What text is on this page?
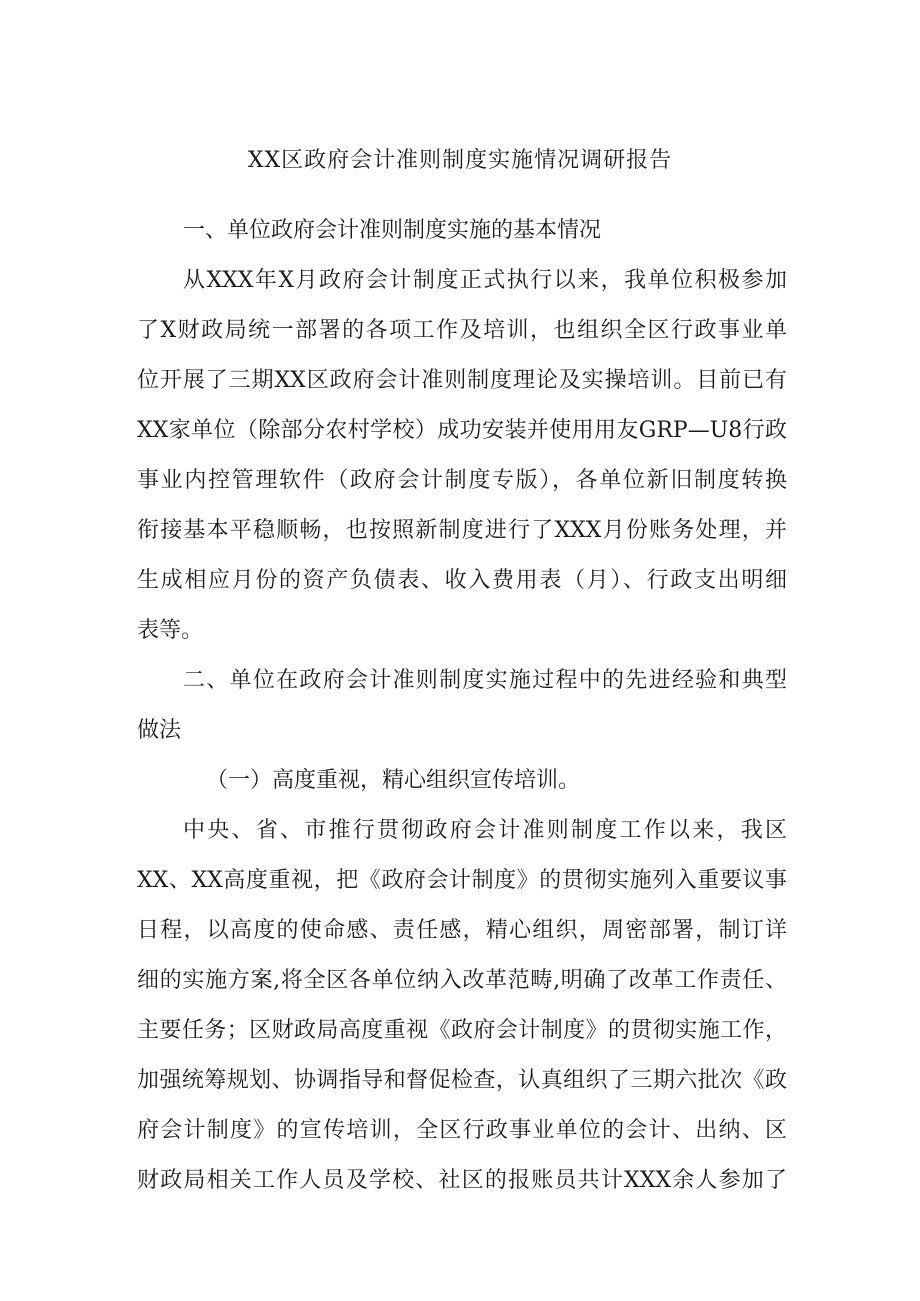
XX区政府会计准则制度实施情况调研报告
一、单位政府会计准则制度实施的基本情况
从XXX年X月政府会计制度正式执行以来，我单位积极参加
了X财政局统一部署的各项工作及培训，也组织全区行政事业单
位开展了三期XX区政府会计准则制度理论及实操培训。目前已有
XX家单位（除部分农村学校）成功安装并使用用友GRP—U8行政
事业内控管理软件（政府会计制度专版），各单位新旧制度转换
衔接基本平稳顺畅，也按照新制度进行了XXX月份账务处理，并
生成相应月份的资产负债表、收入费用表（月）、行政支出明细
表等。
二、单位在政府会计准则制度实施过程中的先进经验和典型
做法
（一）高度重视，精心组织宣传培训。
中央、省、市推行贯彻政府会计准则制度工作以来，我区
XX、XX高度重视，把《政府会计制度》的贯彻实施列入重要议事
日程，以高度的使命感、责任感，精心组织，周密部署，制订详
细的实施方案,将全区各单位纳入改革范畴,明确了改革工作责任、
主要任务；区财政局高度重视《政府会计制度》的贯彻实施工作，
加强统筹规划、协调指导和督促检查，认真组织了三期六批次《政
府会计制度》的宣传培训，全区行政事业单位的会计、出纳、区
财政局相关工作人员及学校、社区的报账员共计XXX余人参加了
